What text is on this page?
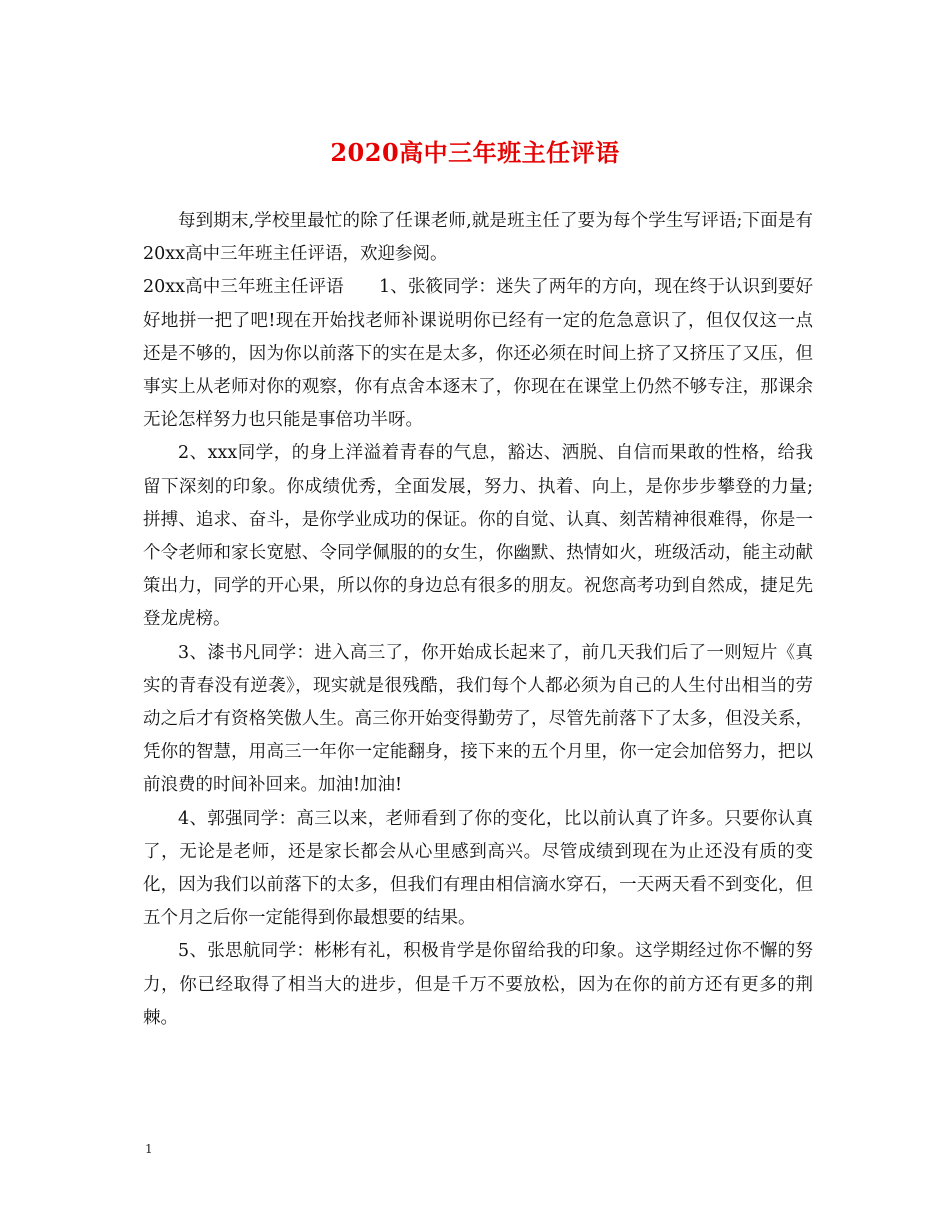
2020高中三年班主任评语

每到期末,学校里最忙的除了任课老师,就是班主任了要为每个学生写评语;下面是有20xx高中三年班主任评语，欢迎参阅。

20xx高中三年班主任评语　　1、张筱同学：迷失了两年的方向，现在终于认识到要好好地拼一把了吧!现在开始找老师补课说明你已经有一定的危急意识了，但仅仅这一点还是不够的，因为你以前落下的实在是太多，你还必须在时间上挤了又挤压了又压，但事实上从老师对你的观察，你有点舍本逐末了，你现在在课堂上仍然不够专注，那课余无论怎样努力也只能是事倍功半呀。

2、xxx同学，的身上洋溢着青春的气息，豁达、洒脱、自信而果敢的性格，给我留下深刻的印象。你成绩优秀，全面发展，努力、执着、向上，是你步步攀登的力量;拼搏、追求、奋斗，是你学业成功的保证。你的自觉、认真、刻苦精神很难得，你是一个令老师和家长宽慰、令同学佩服的的女生，你幽默、热情如火，班级活动，能主动献策出力，同学的开心果，所以你的身边总有很多的朋友。祝您高考功到自然成，捷足先登龙虎榜。

3、漆书凡同学：进入高三了，你开始成长起来了，前几天我们后了一则短片《真实的青春没有逆袭》，现实就是很残酷，我们每个人都必须为自己的人生付出相当的劳动之后才有资格笑傲人生。高三你开始变得勤劳了，尽管先前落下了太多，但没关系，凭你的智慧，用高三一年你一定能翻身，接下来的五个月里，你一定会加倍努力，把以前浪费的时间补回来。加油!加油!

4、郭强同学：高三以来，老师看到了你的变化，比以前认真了许多。只要你认真了，无论是老师，还是家长都会从心里感到高兴。尽管成绩到现在为止还没有质的变化，因为我们以前落下的太多，但我们有理由相信滴水穿石，一天两天看不到变化，但五个月之后你一定能得到你最想要的结果。

5、张思航同学：彬彬有礼，积极肯学是你留给我的印象。这学期经过你不懈的努力，你已经取得了相当大的进步，但是千万不要放松，因为在你的前方还有更多的荆棘。

1
